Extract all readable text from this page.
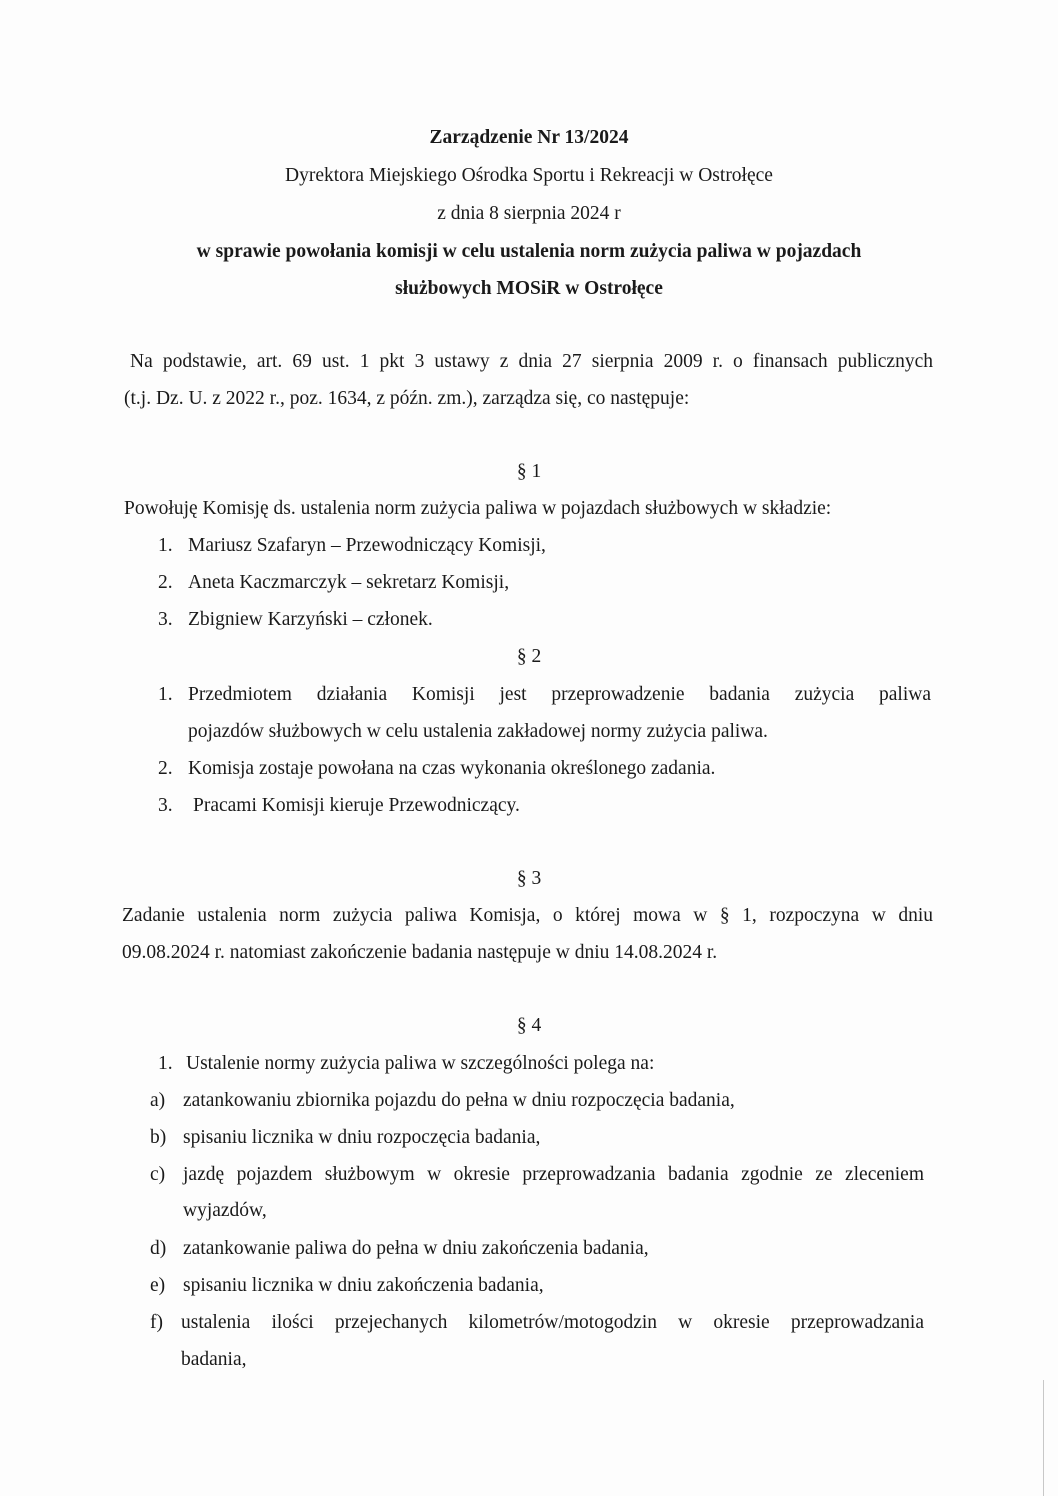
Zarządzenie Nr 13/2024
Dyrektora Miejskiego Ośrodka Sportu i Rekreacji w Ostrołęce
z dnia 8 sierpnia 2024 r
w sprawie powołania komisji w celu ustalenia norm zużycia paliwa w pojazdach
służbowych MOSiR w Ostrołęce
Na podstawie, art. 69 ust. 1 pkt 3 ustawy z dnia 27 sierpnia 2009 r. o finansach publicznych
(t.j. Dz. U. z 2022 r., poz. 1634, z późn. zm.), zarządza się, co następuje:
§ 1
Powołuję Komisję ds. ustalenia norm zużycia paliwa w pojazdach służbowych w składzie:
1. Mariusz Szafaryn – Przewodniczący Komisji,
2. Aneta Kaczmarczyk – sekretarz Komisji,
3. Zbigniew Karzyński – członek.
§ 2
1. Przedmiotem działania Komisji jest przeprowadzenie badania zużycia paliwa
pojazdów służbowych w celu ustalenia zakładowej normy zużycia paliwa.
2. Komisja zostaje powołana na czas wykonania określonego zadania.
3. Pracami Komisji kieruje Przewodniczący.
§ 3
Zadanie ustalenia norm zużycia paliwa Komisja, o której mowa w § 1, rozpoczyna w dniu
09.08.2024 r. natomiast zakończenie badania następuje w dniu 14.08.2024 r.
§ 4
1. Ustalenie normy zużycia paliwa w szczególności polega na:
a) zatankowaniu zbiornika pojazdu do pełna w dniu rozpoczęcia badania,
b) spisaniu licznika w dniu rozpoczęcia badania,
c) jazdę pojazdem służbowym w okresie przeprowadzania badania zgodnie ze zleceniem
wyjazdów,
d) zatankowanie paliwa do pełna w dniu zakończenia badania,
e) spisaniu licznika w dniu zakończenia badania,
f) ustalenia ilości przejechanych kilometrów/motogodzin w okresie przeprowadzania
badania,
